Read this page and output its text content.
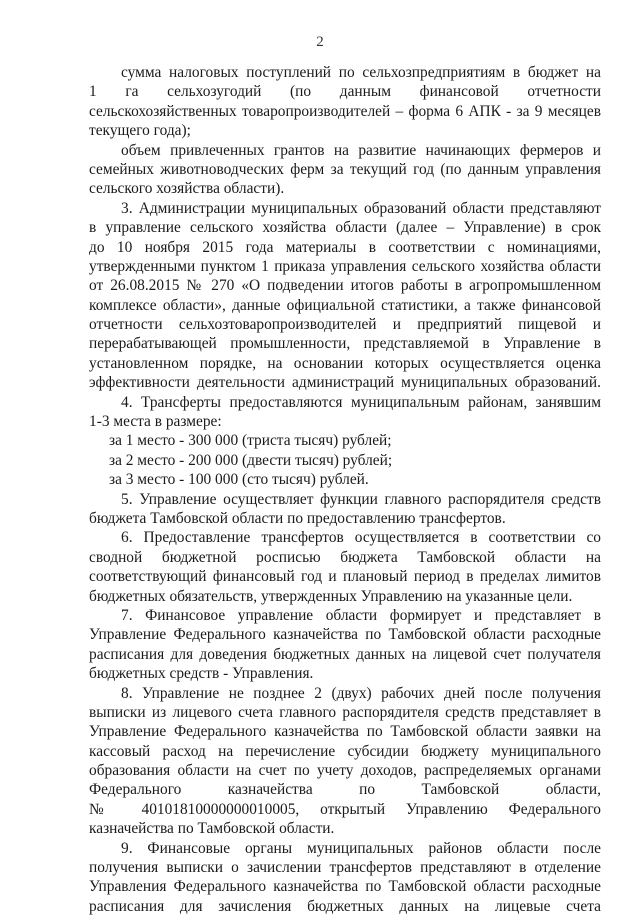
2
сумма налоговых поступлений по сельхозпредприятиям в бюджет на
1 га сельхозугодий (по данным финансовой отчетности
сельскохозяйственных товаропроизводителей – форма 6 АПК - за 9 месяцев
текущего года);
объем привлеченных грантов на развитие начинающих фермеров и
семейных животноводческих ферм за текущий год (по данным управления
сельского хозяйства области).
3. Администрации муниципальных образований области представляют
в управление сельского хозяйства области (далее – Управление) в срок
до 10 ноября 2015 года материалы в соответствии с номинациями,
утвержденными пунктом 1 приказа управления сельского хозяйства области
от 26.08.2015 № 270 «О подведении итогов работы в агропромышленном
комплексе области», данные официальной статистики, а также финансовой
отчетности сельхозтоваропроизводителей и предприятий пищевой и
перерабатывающей промышленности, представляемой в Управление в
установленном порядке, на основании которых осуществляется оценка
эффективности деятельности администраций муниципальных образований.
4. Трансферты предоставляются муниципальным районам, занявшим
1-3 места в размере:
за 1 место - 300 000 (триста тысяч) рублей;
за 2 место - 200 000 (двести тысяч) рублей;
за 3 место - 100 000 (сто тысяч) рублей.
5. Управление осуществляет функции главного распорядителя средств
бюджета Тамбовской области по предоставлению трансфертов.
6. Предоставление трансфертов осуществляется в соответствии со
сводной бюджетной росписью бюджета Тамбовской области на
соответствующий финансовый год и плановый период в пределах лимитов
бюджетных обязательств, утвержденных Управлению на указанные цели.
7. Финансовое управление области формирует и представляет в
Управление Федерального казначейства по Тамбовской области расходные
расписания для доведения бюджетных данных на лицевой счет получателя
бюджетных средств - Управления.
8. Управление не позднее 2 (двух) рабочих дней после получения
выписки из лицевого счета главного распорядителя средств представляет в
Управление Федерального казначейства по Тамбовской области заявки на
кассовый расход на перечисление субсидии бюджету муниципального
образования области на счет по учету доходов, распределяемых органами
Федерального казначейства по Тамбовской области,
№ 40101810000000010005, открытый Управлению Федерального
казначейства по Тамбовской области.
9. Финансовые органы муниципальных районов области после
получения выписки о зачислении трансфертов представляют в отделение
Управления Федерального казначейства по Тамбовской области расходные
расписания для зачисления бюджетных данных на лицевые счета
